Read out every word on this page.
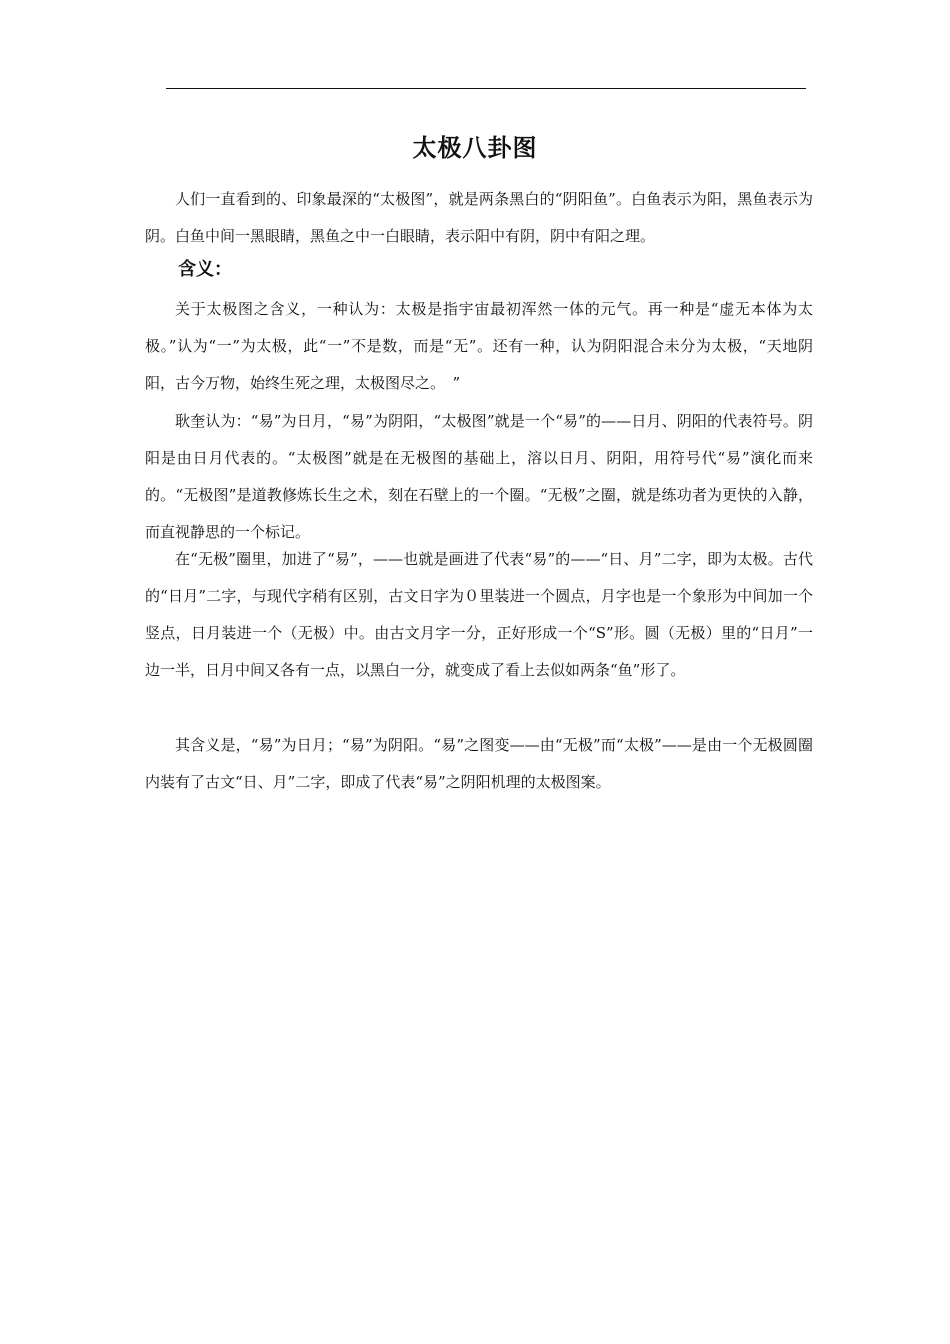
太极八卦图

人们一直看到的、印象最深的“太极图”，就是两条黑白的“阴阳鱼”。白鱼表示为阳，黑鱼表示为阴。白鱼中间一黑眼睛，黑鱼之中一白眼睛，表示阳中有阴，阴中有阳之理。

含义：

关于太极图之含义，一种认为：太极是指宇宙最初浑然一体的元气。再一种是“虚无本体为太极。”认为“一”为太极，此“一”不是数，而是“无”。还有一种，认为阴阳混合未分为太极，“天地阴阳，古今万物，始终生死之理，太极图尽之。　”

耿奎认为：“易”为日月，“易”为阴阳，“太极图”就是一个“易”的——日月、阴阳的代表符号。阴阳是由日月代表的。“太极图”就是在无极图的基础上，溶以日月、阴阳，用符号代“易”演化而来的。“无极图”是道教修炼长生之术，刻在石壁上的一个圈。“无极”之圈，就是练功者为更快的入静，而直视静思的一个标记。

在“无极”圈里，加进了“易”，——也就是画进了代表“易”的——“日、月”二字，即为太极。古代的“日月”二字，与现代字稍有区别，古文日字为０里装进一个圆点，月字也是一个象形为中间加一个竖点，日月装进一个（无极）中。由古文月字一分，正好形成一个“S”形。圆（无极）里的“日月”一边一半，日月中间又各有一点，以黑白一分，就变成了看上去似如两条“鱼”形了。

其含义是，“易”为日月；“易”为阴阳。“易”之图变——由“无极”而“太极”——是由一个无极圆圈内装有了古文“日、月”二字，即成了代表“易”之阴阳机理的太极图案。
